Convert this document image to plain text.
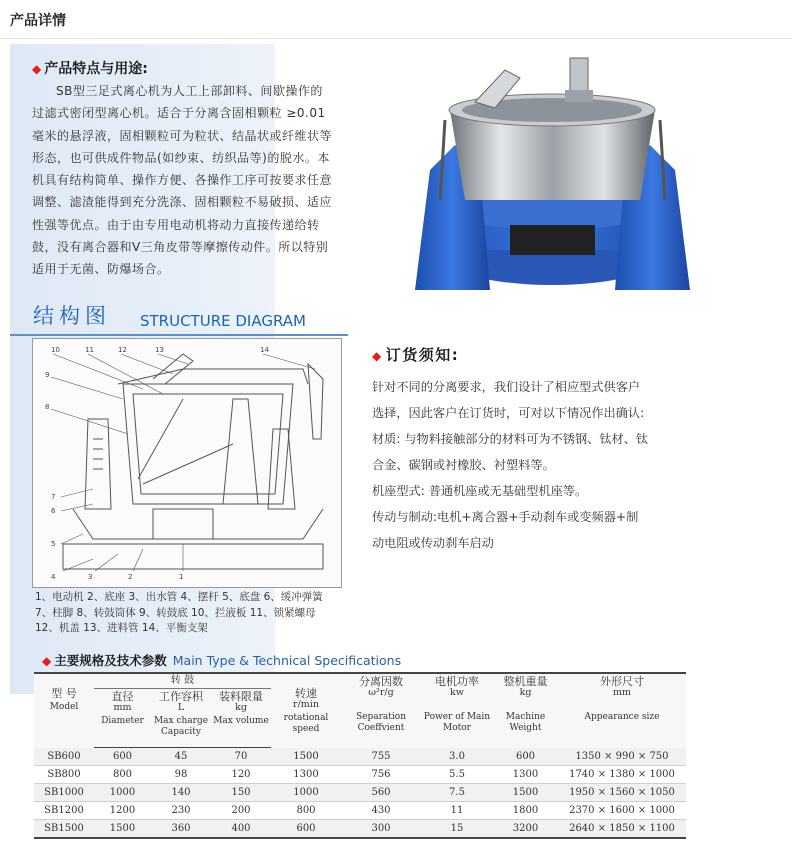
产品详情
◆ 产品特点与用途:
SB型三足式离心机为人工上部卸料、间歇操作的
过滤式密闭型离心机。适合于分离含固相颗粒 ≥0.01
毫米的悬浮液，固相颗粒可为粒状、结晶状或纤维状等
形态，也可供成件物品(如纱束、纺织品等)的脱水。本
机具有结构简单、操作方便、各操作工序可按要求任意
调整、滤渣能得到充分洗涤、固相颗粒不易破损、适应
性强等优点。由于由专用电动机将动力直接传递给转
鼓，没有离合器和V三角皮带等摩擦传动件。所以特别
适用于无菌、防爆场合。
结构图 STRUCTURE DIAGRAM
10	11	12	13	14
9
8
7
6
5
4	3	2	1
1、电动机 2、底座 3、出水管 4、摆杆 5、底盘 6、缓冲弹簧
7、柱脚 8、转鼓筒体 9、转鼓底 10、拦液板 11、锁紧螺母
12、机盖 13、进料管 14、平衡支架
◆ 订货须知:
针对不同的分离要求，我们设计了相应型式供客户
选择，因此客户在订货时，可对以下情况作出确认:
材质: 与物料接触部分的材料可为不锈钢、钛材、钛
合金、碳钢或衬橡胶、衬塑料等。
机座型式: 普通机座或无基础型机座等。
传动与制动:电机+离合器+手动刹车或变频器+制
动电阻或传动刹车启动
◆ 主要规格及技术参数 Main Type & Technical Specifications
型 号
Model	转 鼓			转速
r/min
rotational speed	分离因数
ω²r/g
Separation Coeffvient	电机功率
kw
Power of Main Motor	整机重量
kg
Machine Weight	外形尺寸
mm
Appearance size

	直径
mm
Diameter	工作容积
L
Max charge Capacity	装料限量
kg
Max volume					

SB600	600	45	70	1500	755	3.0	600	1350 × 990 × 750
SB800	800	98	120	1300	756	5.5	1300	1740 × 1380 × 1000
SB1000	1000	140	150	1000	560	7.5	1500	1950 × 1560 × 1050
SB1200	1200	230	200	800	430	11	1800	2370 × 1600 × 1000
SB1500	1500	360	400	600	300	15	3200	2640 × 1850 × 1100
